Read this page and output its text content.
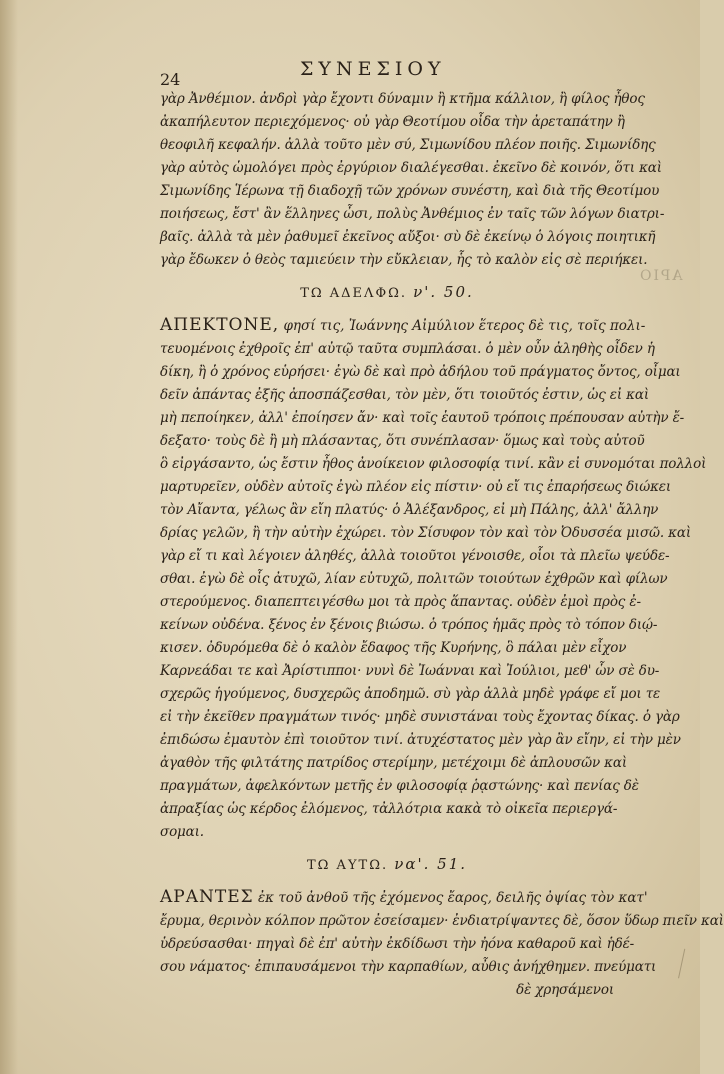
24	ΣΥΝΕΣΙΟΥ
γὰρ Ἀνθέμιον. ἀνδρὶ γὰρ ἔχοντι δύναμιν ἢ κτῆμα κάλλιον, ἢ φίλος ἦθος
ἀκαπήλευτον περιεχόμενος· οὐ γὰρ Θεοτίμου οἶδα τὴν ἀρεταπάτην ἢ
θεοφιλῆ κεφαλήν. ἀλλὰ τοῦτο μὲν σύ, Σιμωνίδου πλέον ποιῆς. Σιμωνίδης
γὰρ αὐτὸς ὡμολόγει πρὸς ἐργύριον διαλέγεσθαι. ἐκεῖνο δὲ κοινόν, ὅτι καὶ
Σιμωνίδης Ἱέρωνα τῇ διαδοχῇ τῶν χρόνων συνέστη, καὶ διὰ τῆς Θεοτίμου
ποιήσεως, ἔστ' ἂν ἕλληνες ὦσι, πολὺς Ἀνθέμιος ἐν ταῖς τῶν λόγων διατρι-
βαῖς. ἀλλὰ τὰ μὲν ῥαθυμεῖ ἐκεῖνος αὔξοι· σὺ δὲ ἐκείνῳ ὁ λόγοις ποιητικῆ
γὰρ ἔδωκεν ὁ θεὸς ταμιεύειν τὴν εὔκλειαν, ἧς τὸ καλὸν εἰς σὲ περιήκει.
ΤΩ ΑΔΕΛΦΩ. ν'. 50.
ΑΠΕΚΤΟΝΕ, φησί τις, Ἰωάννης Αἰμύλιον ἕτερος δὲ τις, τοῖς πολι-
τευομένοις ἐχθροῖς ἐπ' αὐτῷ ταῦτα συμπλάσαι. ὁ μὲν οὖν ἀληθὴς οἶδεν ἡ
δίκη, ἢ ὁ χρόνος εὑρήσει· ἐγὼ δὲ καὶ πρὸ ἀδήλου τοῦ πράγματος ὄντος, οἶμαι
δεῖν ἀπάντας ἐξῆς ἀποσπάζεσθαι, τὸν μὲν, ὅτι τοιοῦτός ἐστιν, ὡς εἰ καὶ
μὴ πεποίηκεν, ἀλλ' ἐποίησεν ἄν· καὶ τοῖς ἑαυτοῦ τρόποις πρέπουσαν αὐτὴν ἔ-
δεξατο· τοὺς δὲ ἢ μὴ πλάσαντας, ὅτι συνέπλασαν· ὅμως καὶ τοὺς αὐτοῦ
ὃ εἰργάσαντο, ὡς ἔστιν ἦθος ἀνοίκειον φιλοσοφίᾳ τινί. κἂν εἰ συνομόται πολλοὶ
μαρτυρεῖεν, οὐδὲν αὐτοῖς ἐγὼ πλέον εἰς πίστιν· οὐ εἴ τις ἐπαρήσεως διώκει
τὸν Αἴαντα, γέλως ἂν εἴη πλατύς· ὁ Ἀλέξανδρος, εἰ μὴ Πάλης, ἀλλ' ἄλλην
δρίας γελῶν, ἢ τὴν αὐτὴν ἐχώρει. τὸν Σίσυφον τὸν καὶ τὸν Ὀδυσσέα μισῶ. καὶ
γὰρ εἴ τι καὶ λέγοιεν ἀληθές, ἀλλὰ τοιοῦτοι γένοισθε, οἷοι τὰ πλεῖω ψεύδε-
σθαι. ἐγὼ δὲ οἷς ἀτυχῶ, λίαν εὐτυχῶ, πολιτῶν τοιούτων ἐχθρῶν καὶ φίλων
στερούμενος. διαπεπτειγέσθω μοι τὰ πρὸς ἅπαντας. οὐδὲν ἐμοὶ πρὸς ἐ-
κείνων οὐδένα. ξένος ἐν ξένοις βιώσω. ὁ τρόπος ἡμᾶς πρὸς τὸ τόπον διῴ-
κισεν. ὀδυρόμεθα δὲ ὁ καλὸν ἔδαφος τῆς Κυρήνης, ὃ πάλαι μὲν εἶχον
Καρνεάδαι τε καὶ Ἀρίστιπποι· νυνὶ δὲ Ἰωάνναι καὶ Ἰούλιοι, μεθ' ὧν σὲ δυ-
σχερῶς ἡγούμενος, δυσχερῶς ἀποδημῶ. σὺ γὰρ ἀλλὰ μηδὲ γράφε εἴ μοι τε
εἰ τὴν ἐκεῖθεν πραγμάτων τινός· μηδὲ συνιστάναι τοὺς ἔχοντας δίκας. ὁ γὰρ
ἐπιδώσω ἐμαυτὸν ἐπὶ τοιοῦτον τινί. ἀτυχέστατος μὲν γὰρ ἂν εἴην, εἰ τὴν μὲν
ἀγαθὸν τῆς φιλτάτης πατρίδος στερίμην, μετέχοιμι δὲ ἀπλουσῶν καὶ
πραγμάτων, ἀφελκόντων μετῆς ἐν φιλοσοφίᾳ ῥᾳστώνης· καὶ πενίας δὲ
ἀπραξίας ὡς κέρδος ἐλόμενος, τἀλλότρια κακὰ τὸ οἰκεῖα περιεργά-
σομαι.
ΤΩ ΑΥΤΩ. να'. 51.
ΑΡΑΝΤΕΣ ἐκ τοῦ ἀνθοῦ τῆς ἐχόμενος ἔαρος, δειλῆς ὀψίας τὸν κατ'
ἔρυμα, θερινὸν κόλπον πρῶτον ἐσείσαμεν· ἐνδιατρίψαντες δὲ, ὅσον ὕδωρ πιεῖν καὶ
ὑδρεύσασθαι· πηγαὶ δὲ ἐπ' αὐτὴν ἐκδίδωσι τὴν ἠόνα καθαροῦ καὶ ἡδέ-
σου νάματος· ἐπιπαυσάμενοι τὴν καρπαθίων, αὖθις ἀνήχθημεν. πνεύματι
δὲ χρησάμενοι
ΑΡΙΟ
